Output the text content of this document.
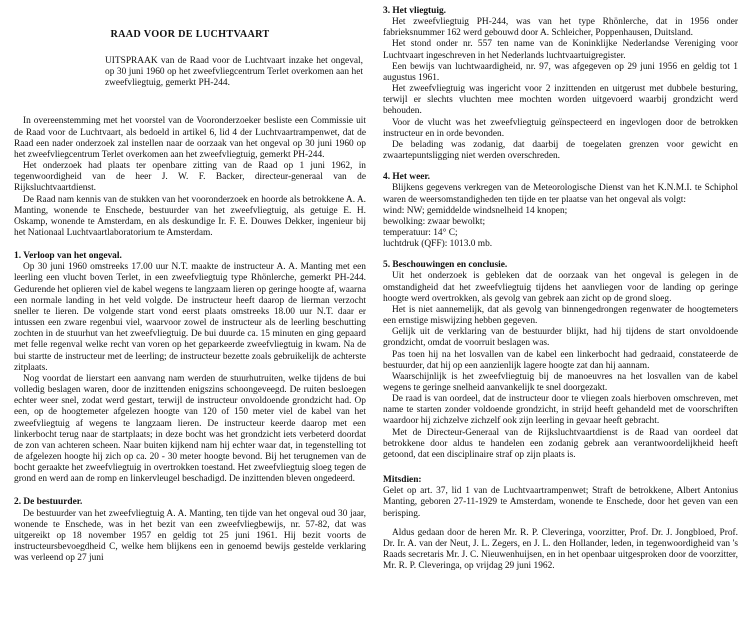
RAAD VOOR DE LUCHTVAART

UITSPRAAK van de Raad voor de Luchtvaart inzake het ongeval, op 30 juni 1960 op het zweefvliegcentrum Terlet overkomen aan het zweefvliegtuig, gemerkt PH-244.

In overeenstemming met het voorstel van de Vooronderzoeker besliste een Commissie uit de Raad voor de Luchtvaart, als bedoeld in artikel 6, lid 4 der Luchtvaartrampenwet, dat de Raad een nader onderzoek zal instellen naar de oorzaak van het ongeval op 30 juni 1960 op het zweefvliegcentrum Terlet overkomen aan het zweefvliegtuig, gemerkt PH-244.

Het onderzoek had plaats ter openbare zitting van de Raad op 1 juni 1962, in tegenwoordigheid van de heer J. W. F. Backer, directeur-generaal van de Rijksluchtvaartdienst.

De Raad nam kennis van de stukken van het vooronderzoek en hoorde als betrokkene A. A. Manting, wonende te Enschede, bestuurder van het zweefvliegtuig, als getuige E. H. Oskamp, wonende te Amsterdam, en als deskundige Ir. F. E. Douwes Dekker, ingenieur bij het Nationaal Luchtvaartlaboratorium te Amsterdam.

1. Verloop van het ongeval.

Op 30 juni 1960 omstreeks 17.00 uur N.T. maakte de instructeur A. A. Manting met een leerling een vlucht boven Terlet, in een zweefvliegtuig type Rhönlerche, gemerkt PH-244. Gedurende het oplieren viel de kabel wegens te langzaam lieren op geringe hoogte af, waarna een normale landing in het veld volgde. De instructeur heeft daarop de lierman verzocht sneller te lieren. De volgende start vond eerst plaats omstreeks 18.00 uur N.T. daar er intussen een zware regenbui viel, waarvoor zowel de instructeur als de leerling beschutting zochten in de stuurhut van het zweefvliegtuig. De bui duurde ca. 15 minuten en ging gepaard met felle regenval welke recht van voren op het geparkeerde zweefvliegtuig in kwam. Na de bui startte de instructeur met de leerling; de instructeur bezette zoals gebruikelijk de achterste zitplaats.

Nog voordat de lierstart een aanvang nam werden de stuurhutruiten, welke tijdens de bui volledig beslagen waren, door de inzittenden enigszins schoongeveegd. De ruiten besloegen echter weer snel, zodat werd gestart, terwijl de instructeur onvoldoende grondzicht had. Op een, op de hoogtemeter afgelezen hoogte van 120 of 150 meter viel de kabel van het zweefvliegtuig af wegens te langzaam lieren. De instructeur keerde daarop met een linkerbocht terug naar de startplaats; in deze bocht was het grondzicht iets verbeterd doordat de zon van achteren scheen. Naar buiten kijkend nam hij echter waar dat, in tegenstelling tot de afgelezen hoogte hij zich op ca. 20 - 30 meter hoogte bevond. Bij het terugnemen van de bocht geraakte het zweefvliegtuig in overtrokken toestand. Het zweefvliegtuig sloeg tegen de grond en werd aan de romp en linkervleugel beschadigd. De inzittenden bleven ongedeerd.

2. De bestuurder.

De bestuurder van het zweefvliegtuig A. A. Manting, ten tijde van het ongeval oud 30 jaar, wonende te Enschede, was in het bezit van een zweefvliegbewijs, nr. 57-82, dat was uitgereikt op 18 november 1957 en geldig tot 25 juni 1961. Hij bezit voorts de instructeursbevoegdheid C, welke hem blijkens een in genoemd bewijs gestelde verklaring was verleend op 27 juni

3. Het vliegtuig.

Het zweefvliegtuig PH-244, was van het type Rhönlerche, dat in 1956 onder fabrieksnummer 162 werd gebouwd door A. Schleicher, Poppenhausen, Duitsland.

Het stond onder nr. 557 ten name van de Koninklijke Nederlandse Vereniging voor Luchtvaart ingeschreven in het Nederlands luchtvaartuigregister.

Een bewijs van luchtwaardigheid, nr. 97, was afgegeven op 29 juni 1956 en geldig tot 1 augustus 1961.

Het zweefvliegtuig was ingericht voor 2 inzittenden en uitgerust met dubbele besturing, terwijl er slechts vluchten mee mochten worden uitgevoerd waarbij grondzicht werd behouden.

Voor de vlucht was het zweefvliegtuig geïnspecteerd en ingevlogen door de betrokken instructeur en in orde bevonden.

De belading was zodanig, dat daarbij de toegelaten grenzen voor gewicht en zwaartepuntsligging niet werden overschreden.

4. Het weer.

Blijkens gegevens verkregen van de Meteorologische Dienst van het K.N.M.I. te Schiphol waren de weersomstandigheden ten tijde en ter plaatse van het ongeval als volgt:

wind: NW; gemiddelde windsnelheid 14 knopen;

bewolking: zwaar bewolkt;

temperatuur: 14° C;

luchtdruk (QFF): 1013.0 mb.

5. Beschouwingen en conclusie.

Uit het onderzoek is gebleken dat de oorzaak van het ongeval is gelegen in de omstandigheid dat het zweefvliegtuig tijdens het aanvliegen voor de landing op geringe hoogte werd overtrokken, als gevolg van gebrek aan zicht op de grond sloeg.

Het is niet aannemelijk, dat als gevolg van binnengedrongen regenwater de hoogtemeters een ernstige miswijzing hebben gegeven.

Gelijk uit de verklaring van de bestuurder blijkt, had hij tijdens de start onvoldoende grondzicht, omdat de voorruit beslagen was.

Pas toen hij na het losvallen van de kabel een linkerbocht had gedraaid, constateerde de bestuurder, dat hij op een aanzienlijk lagere hoogte zat dan hij aannam.

Waarschijnlijk is het zweefvliegtuig bij de manoeuvres na het losvallen van de kabel wegens te geringe snelheid aanvankelijk te snel doorgezakt.

De raad is van oordeel, dat de instructeur door te vliegen zoals hierboven omschreven, met name te starten zonder voldoende grondzicht, in strijd heeft gehandeld met de voorschriften waardoor hij zichzelve zichzelf ook zijn leerling in gevaar heeft gebracht.

Met de Directeur-Generaal van de Rijksluchtvaartdienst is de Raad van oordeel dat betrokkene door aldus te handelen een zodanig gebrek aan verantwoordelijkheid heeft getoond, dat een disciplinaire straf op zijn plaats is.

Mitsdien:

Gelet op art. 37, lid 1 van de Luchtvaartrampenwet; Straft de betrokkene, Albert Antonius Manting, geboren 27-11-1929 te Amsterdam, wonende te Enschede, door het geven van een berisping.

Aldus gedaan door de heren Mr. R. P. Cleveringa, voorzitter, Prof. Dr. J. Jongbloed, Prof. Dr. Ir. A. van der Neut, J. L. Zegers, en J. L. den Hollander, leden, in tegenwoordigheid van 's Raads secretaris Mr. J. C. Nieuwenhuijsen, en in het openbaar uitgesproken door de voorzitter, Mr. R. P. Cleveringa, op vrijdag 29 juni 1962.
